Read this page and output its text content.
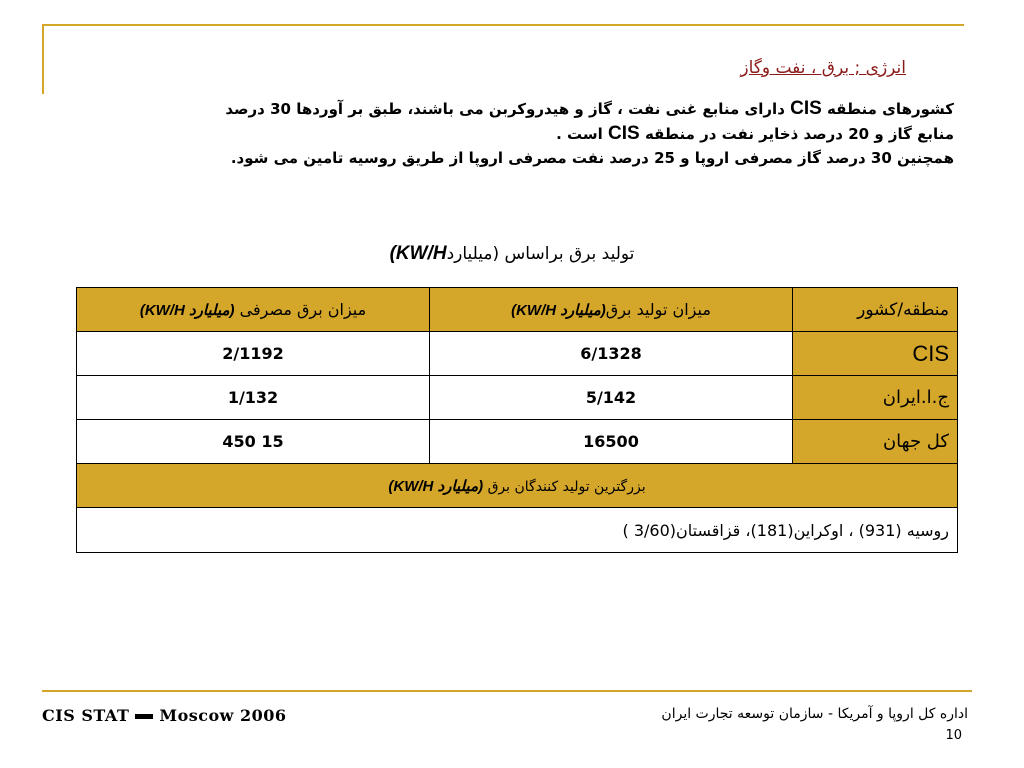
انرژی ; برق ، نفت وگاز
کشورهای منطقه CIS دارای منابع غنی نفت ، گاز و هیدروکربن می باشند، طبق بر آوردها 30 درصد
منابع گاز و 20 درصد ذخایر نفت در منطقه CIS است .
همچنین 30 درصد گاز مصرفی اروپا و 25 درصد نفت مصرفی اروپا از طریق روسیه تامین می شود.
تولید برق براساس (میلیاردKW/H)
منطقه/کشور	میزان تولید برق(میلیارد KW/H)	میزان برق مصرفی (میلیارد KW/H)
CIS	6/1328	2/1192
ج.ا.ایران	5/142	1/132
کل جهان	16500	15 450
بزرگترین تولید کنندگان برق (میلیارد KW/H)		
روسیه (931) ، اوکراین(181)، قزاقستان(3/60 )		
CIS STAT Moscow 2006	اداره کل اروپا و آمریکا - سازمان توسعه تجارت ایران
10
